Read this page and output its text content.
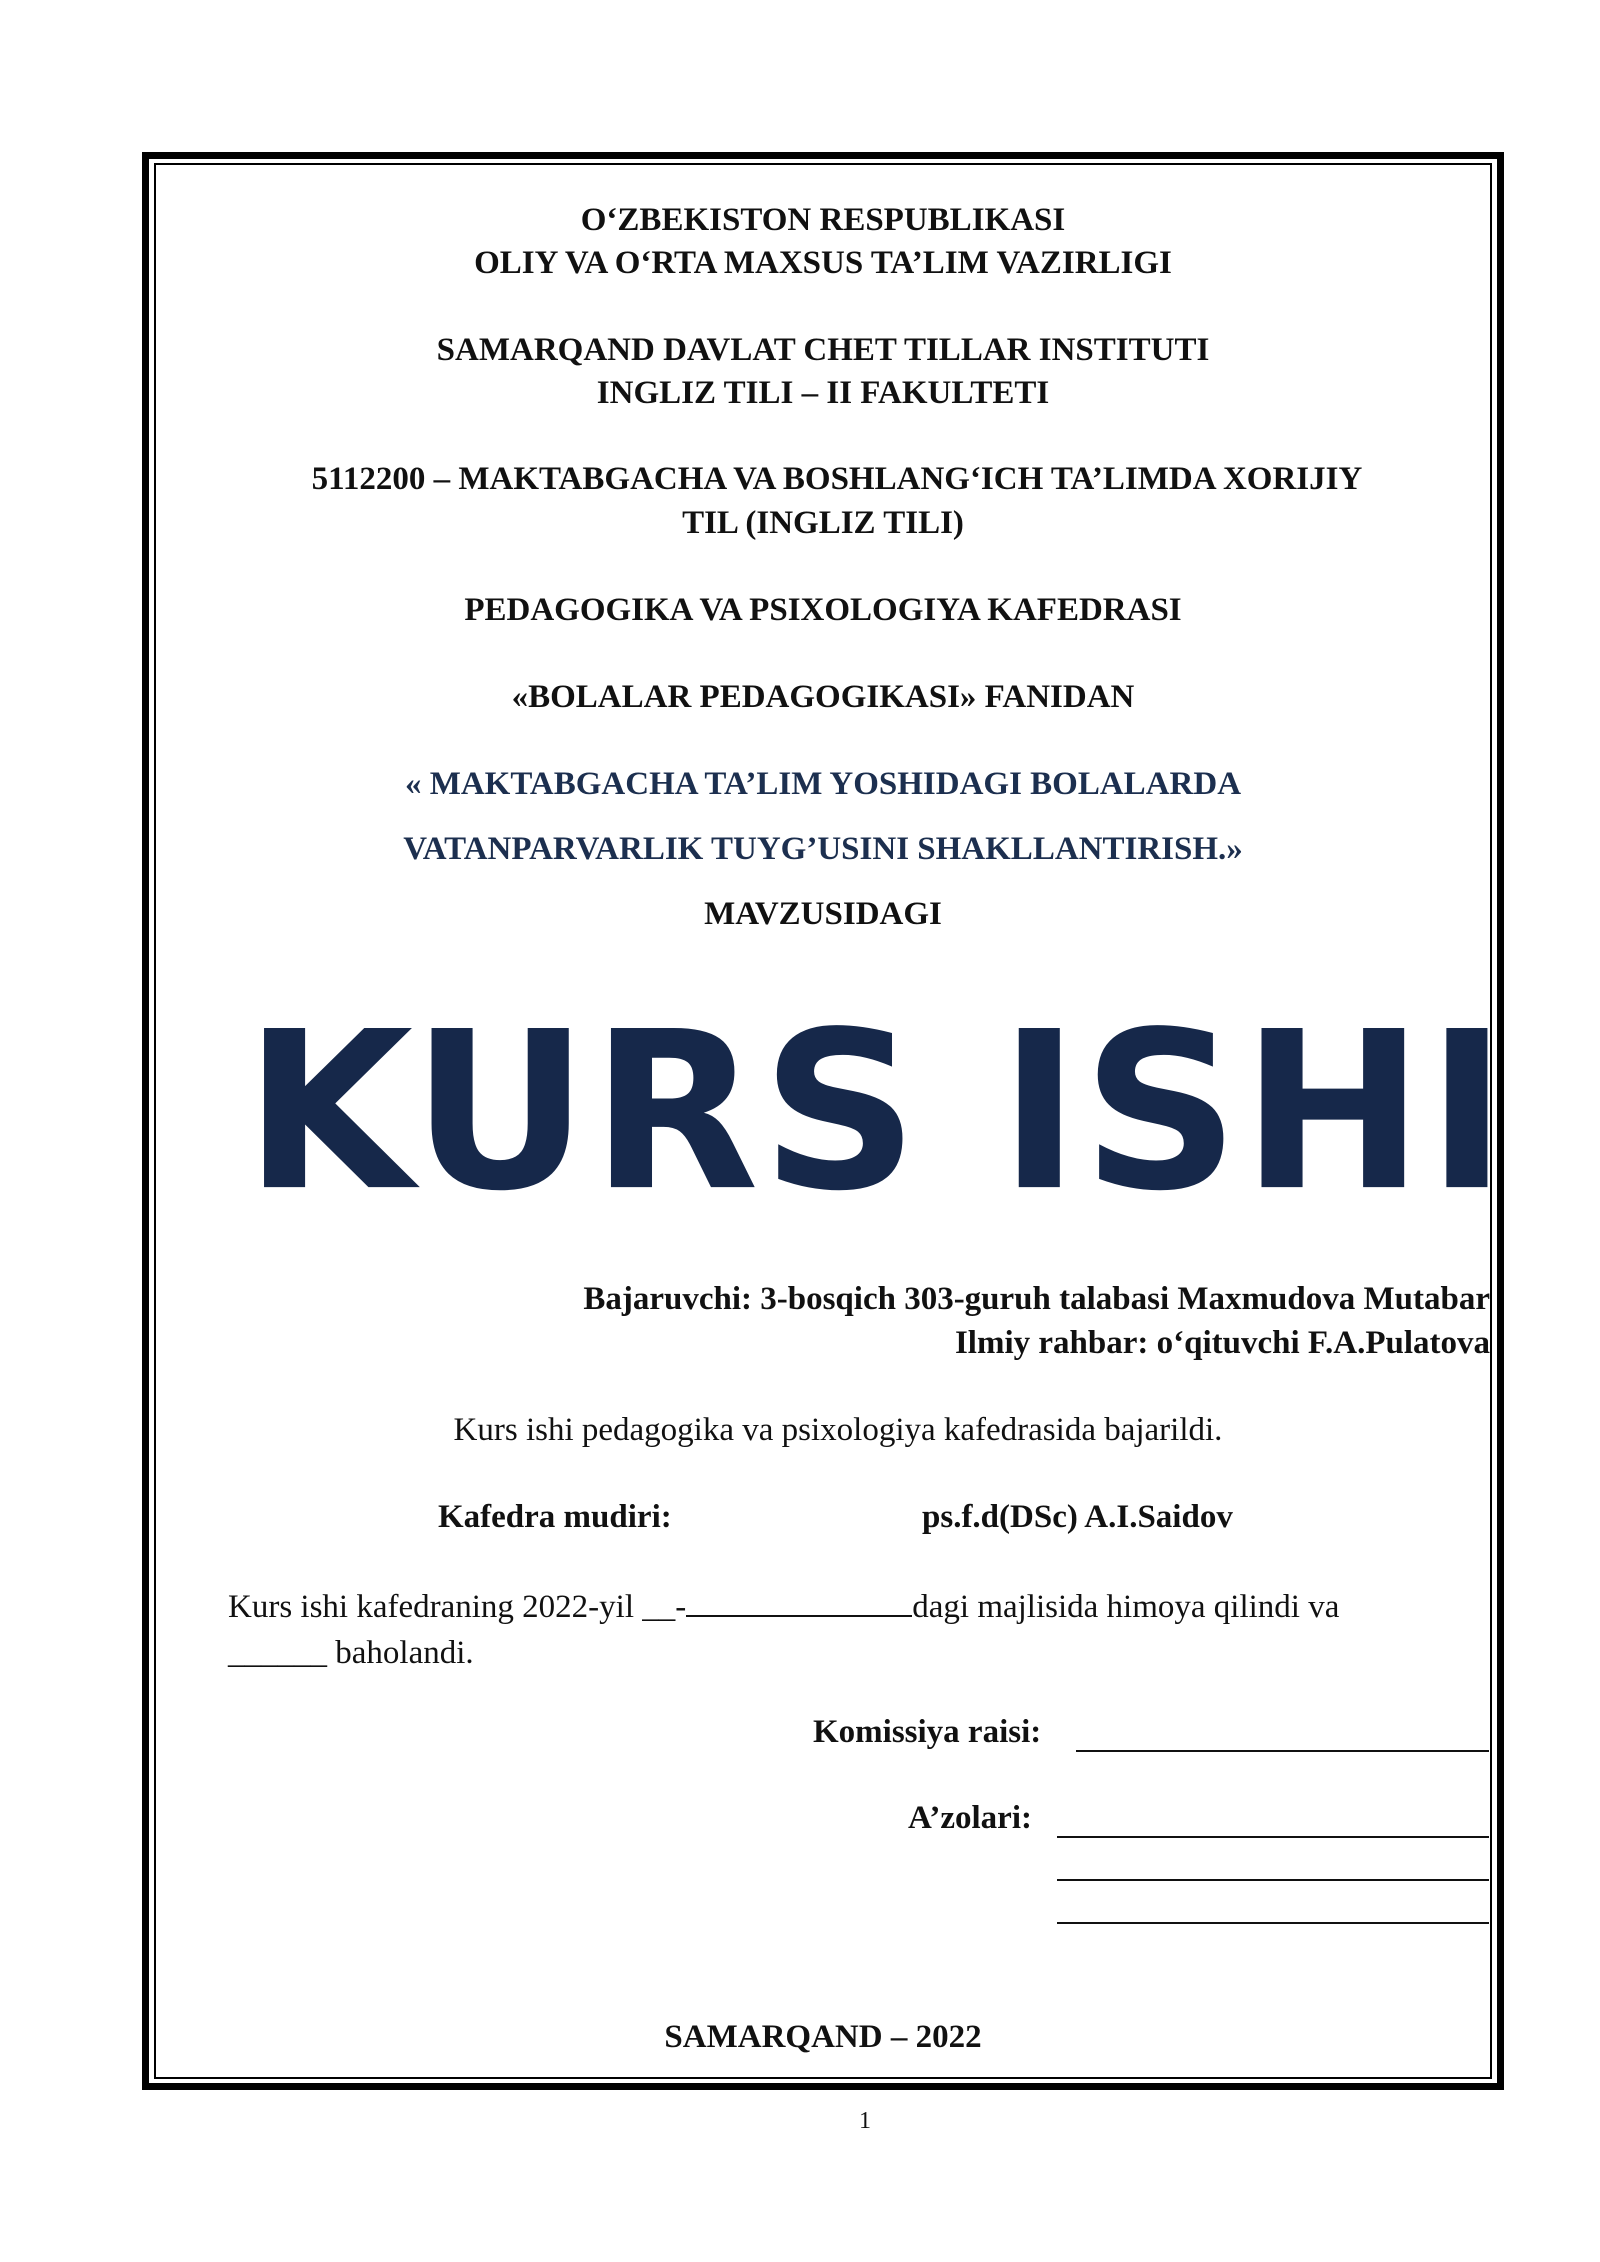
O‘ZBEKISTON RESPUBLIKASI
OLIY VA O‘RTA MAXSUS TA’LIM VAZIRLIGI
SAMARQAND DAVLAT CHET TILLAR INSTITUTI
INGLIZ TILI – II FAKULTETI
5112200 – MAKTABGACHA VA BOSHLANG‘ICH TA’LIMDA XORIJIY
TIL (INGLIZ TILI)
PEDAGOGIKA VA PSIXOLOGIYA KAFEDRASI
«BOLALAR PEDAGOGIKASI» FANIDAN
« MAKTABGACHA TA’LIM YOSHIDAGI BOLALARDA
VATANPARVARLIK TUYG’USINI SHAKLLANTIRISH.»
MAVZUSIDAGI
KURS ISHI
Bajaruvchi: 3-bosqich 303-guruh talabasi Maxmudova Mutabar
Ilmiy rahbar: o‘qituvchi F.A.Pulatova
Kurs ishi pedagogika va psixologiya kafedrasida bajarildi.
Kafedra mudiri:	ps.f.d(DSc) A.I.Saidov
Kurs ishi kafedraning 2022-yil __-	dagi majlisida himoya qilindi va
______ baholandi.
Komissiya raisi:
A’zolari:
SAMARQAND – 2022
1
